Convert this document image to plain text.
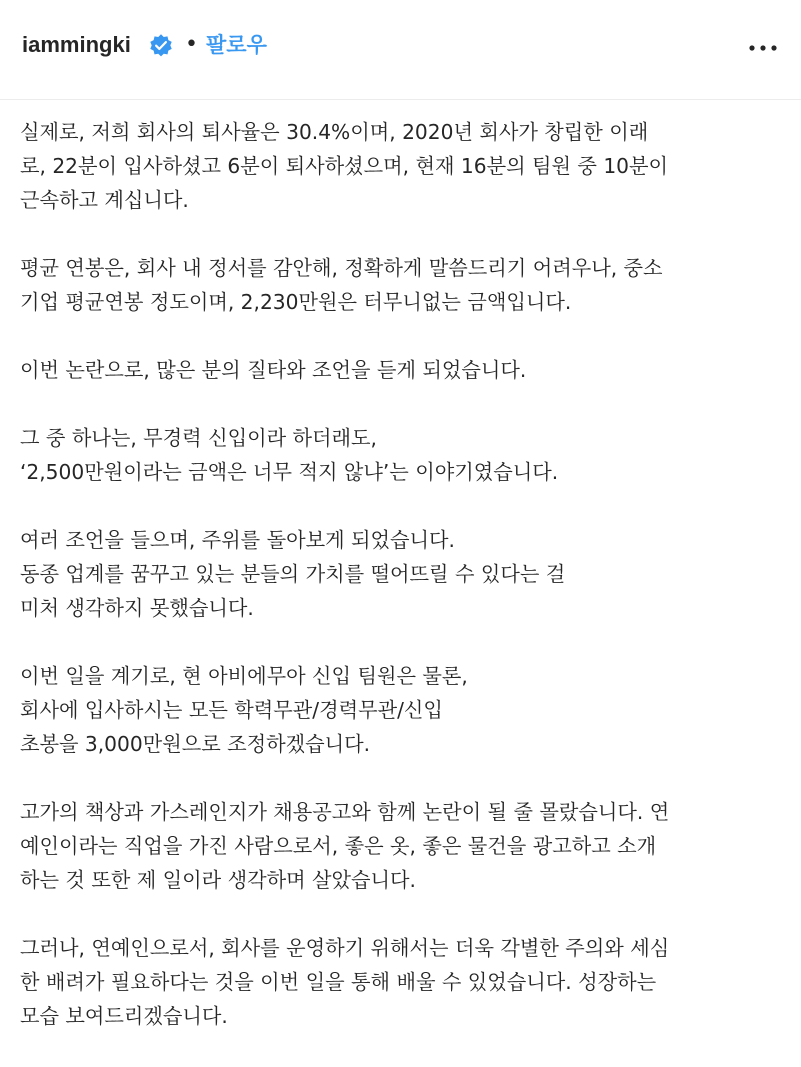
iammingki • 팔로우
실제로, 저희 회사의 퇴사율은 30.4%이며, 2020년 회사가 창립한 이래
로, 22분이 입사하셨고 6분이 퇴사하셨으며, 현재 16분의 팀원 중 10분이
근속하고 계십니다.
평균 연봉은, 회사 내 정서를 감안해, 정확하게 말씀드리기 어려우나, 중소
기업 평균연봉 정도이며, 2,230만원은 터무니없는 금액입니다.
이번 논란으로, 많은 분의 질타와 조언을 듣게 되었습니다.
그 중 하나는, 무경력 신입이라 하더래도,
‘2,500만원이라는 금액은 너무 적지 않냐’는 이야기였습니다.
여러 조언을 들으며, 주위를 돌아보게 되었습니다.
동종 업계를 꿈꾸고 있는 분들의 가치를 떨어뜨릴 수 있다는 걸
미처 생각하지 못했습니다.
이번 일을 계기로, 현 아비에무아 신입 팀원은 물론,
회사에 입사하시는 모든 학력무관/경력무관/신입
초봉을 3,000만원으로 조정하겠습니다.
고가의 책상과 가스레인지가 채용공고와 함께 논란이 될 줄 몰랐습니다. 연
예인이라는 직업을 가진 사람으로서, 좋은 옷, 좋은 물건을 광고하고 소개
하는 것 또한 제 일이라 생각하며 살았습니다.
그러나, 연예인으로서, 회사를 운영하기 위해서는 더욱 각별한 주의와 세심
한 배려가 필요하다는 것을 이번 일을 통해 배울 수 있었습니다. 성장하는
모습 보여드리겠습니다.
